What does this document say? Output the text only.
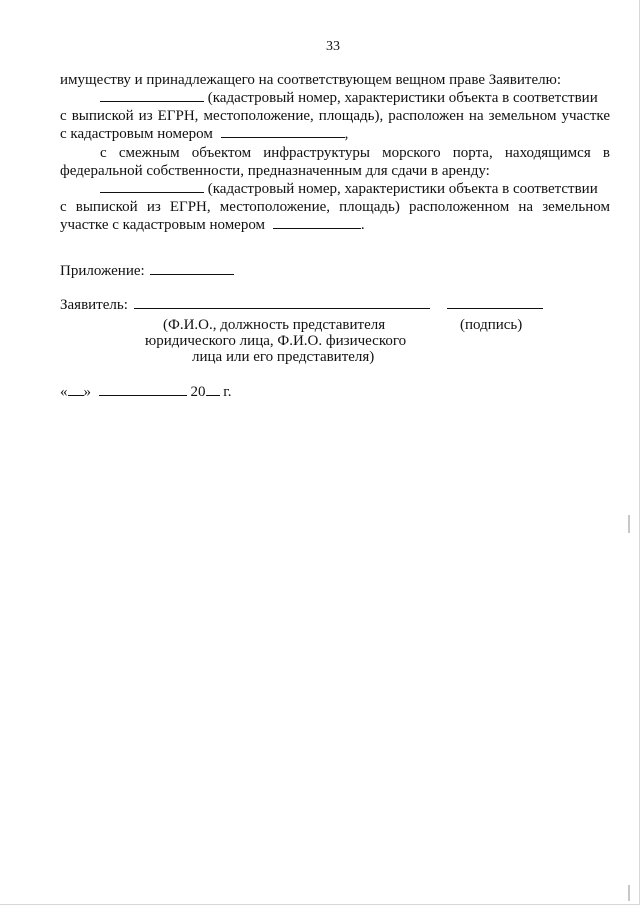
33
имуществу и принадлежащего на соответствующем вещном праве Заявителю:
(кадастровый номер, характеристики объекта в соответствии
с выпиской из ЕГРН, местоположение, площадь), расположен на земельном участке
с кадастровым номером	,
с смежным объектом инфраструктуры морского порта, находящимся в
федеральной собственности, предназначенным для сдачи в аренду:
(кадастровый номер, характеристики объекта в соответствии
с выпиской из ЕГРН, местоположение, площадь) расположенном на земельном
участке с кадастровым номером	.
Приложение:
Заявитель:
(Ф.И.О., должность представителя	(подпись)
юридического лица, Ф.И.О. физического
лица или его представителя)
« »	20 г.
